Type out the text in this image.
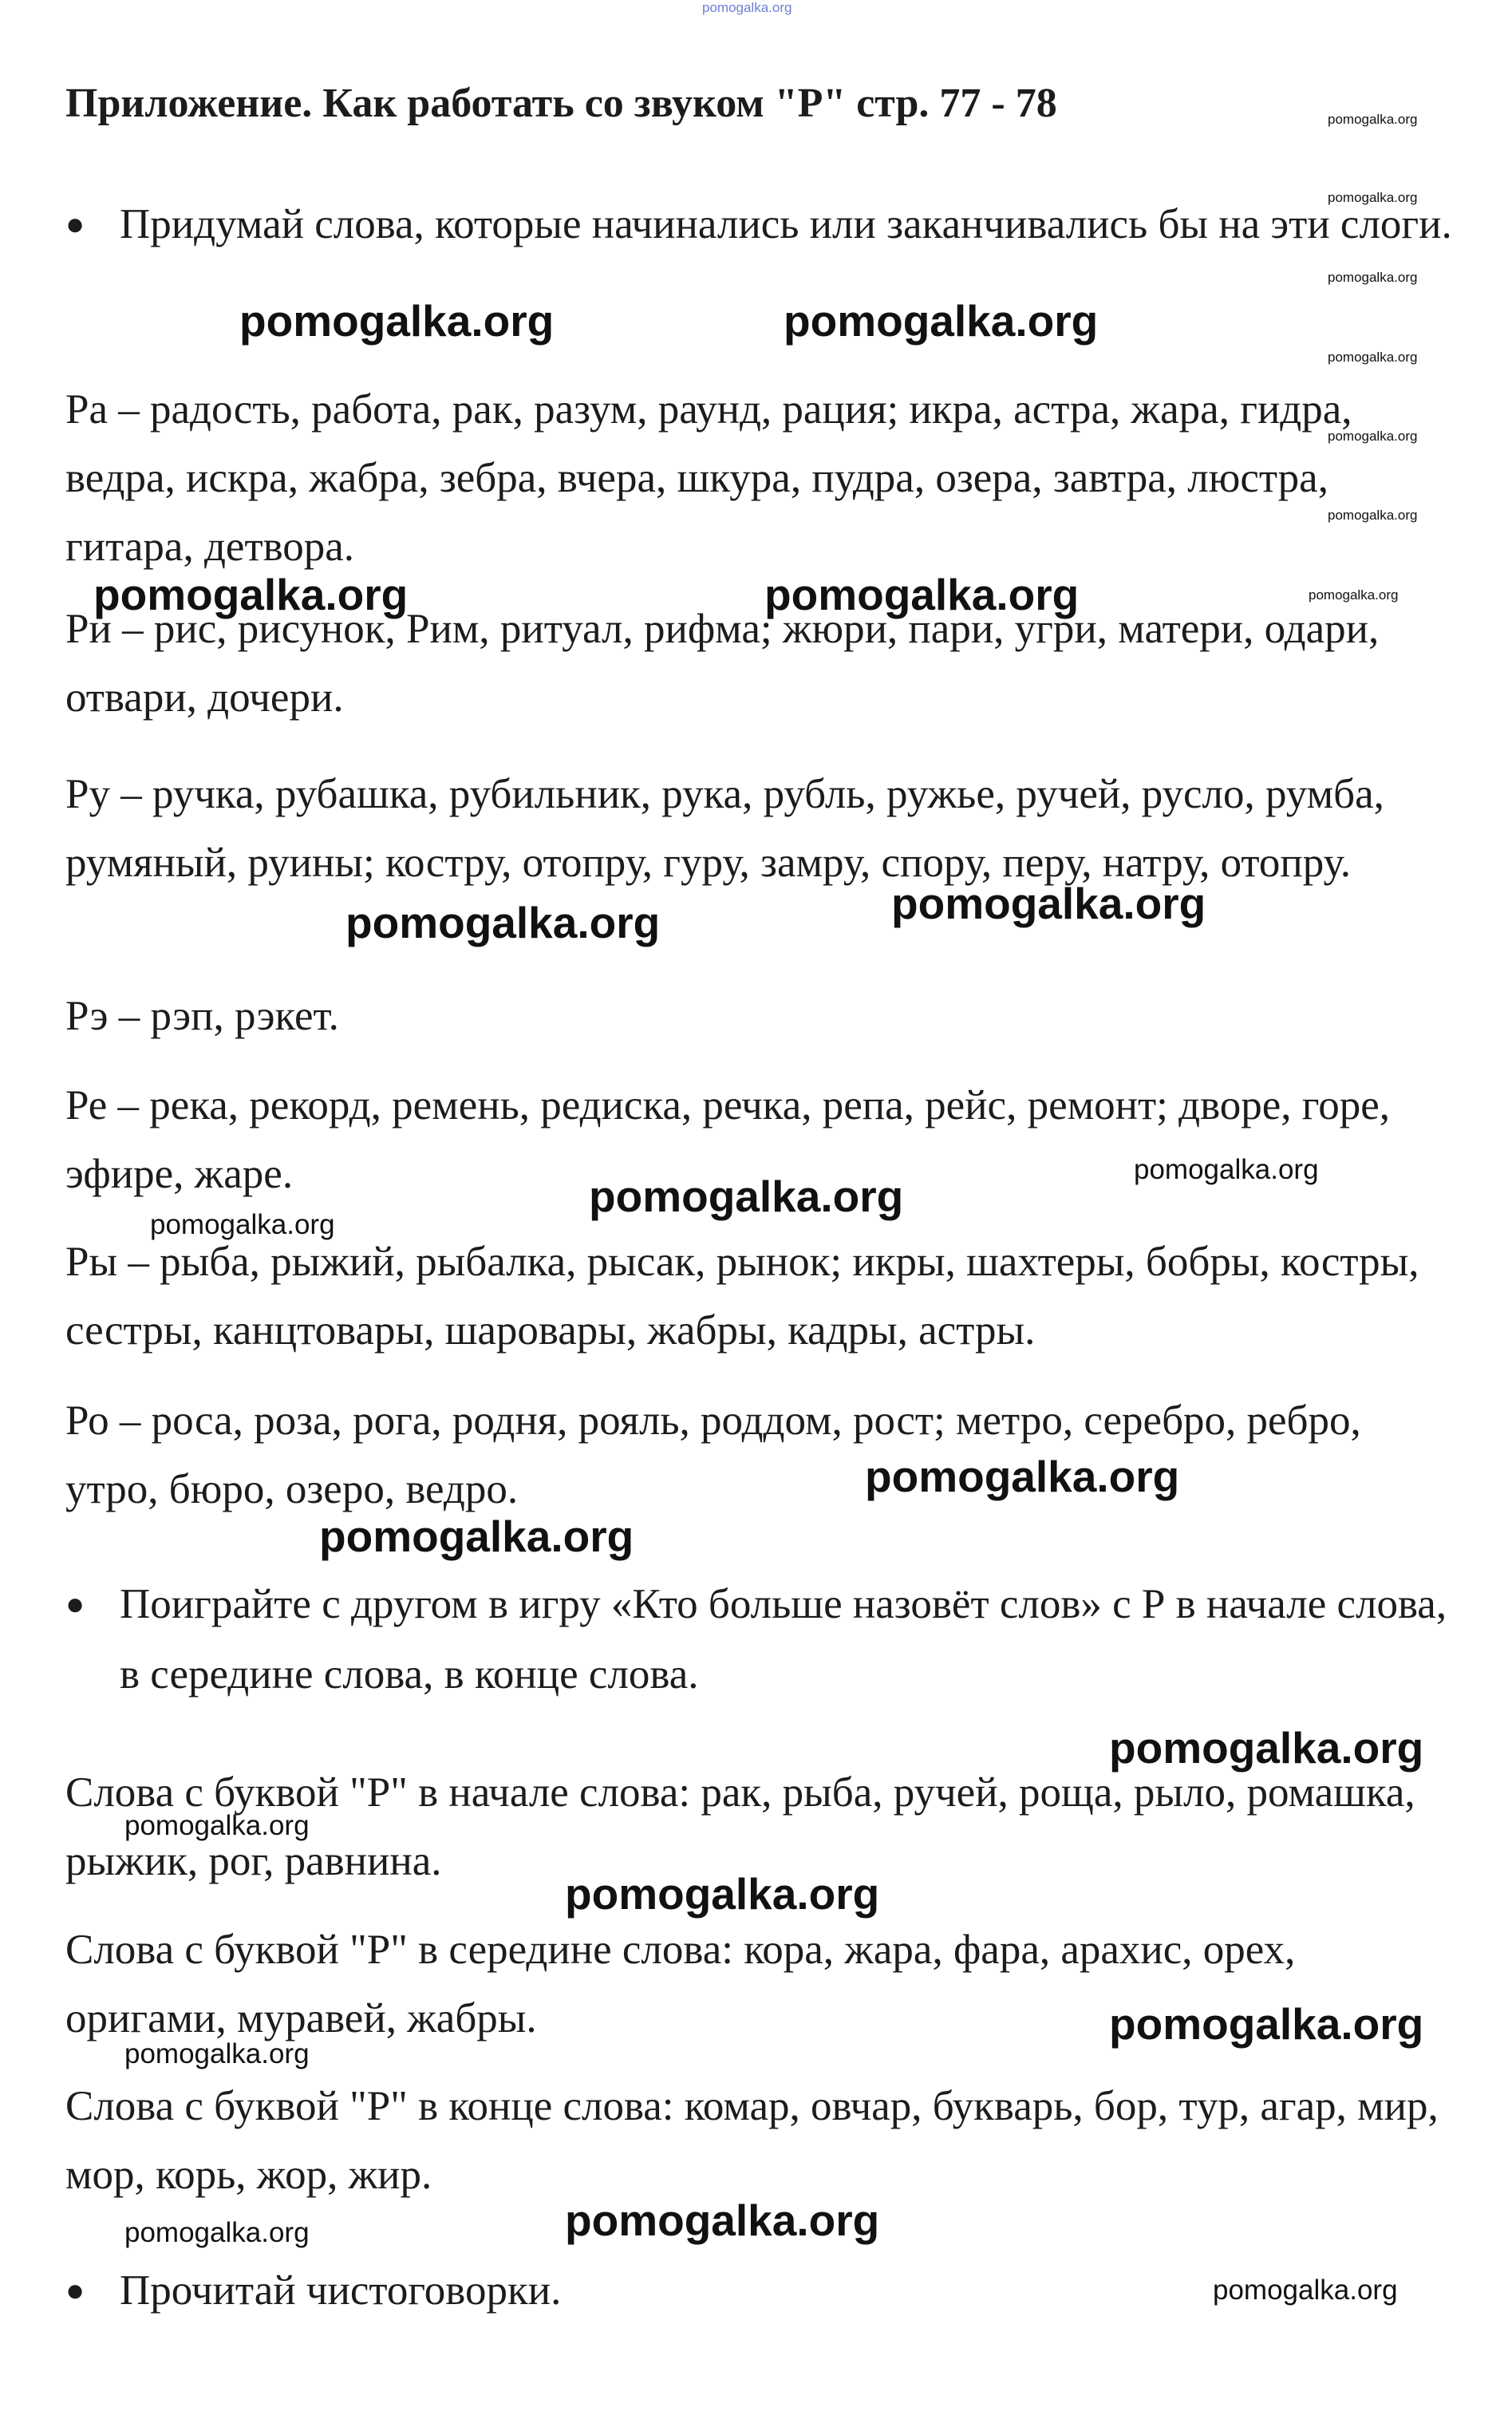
pomogalka.org
Приложение. Как работать со звуком "Р" стр. 77 - 78
● Придумай слова, которые начинались или заканчивались бы на эти слоги.
Ра – радость, работа, рак, разум, раунд, рация; икра, астра, жара, гидра, ведра, искра, жабра, зебра, вчера, шкура, пудра, озера, завтра, люстра, гитара, детвора.
Ри – рис, рисунок, Рим, ритуал, рифма; жюри, пари, угри, матери, одари, отвари, дочери.
Ру – ручка, рубашка, рубильник, рука, рубль, ружье, ручей, русло, румба, румяный, руины; костру, отопру, гуру, замру, спору, перу, натру, отопру.
Рэ – рэп, рэкет.
Ре – река, рекорд, ремень, редиска, речка, репа, рейс, ремонт; дворе, горе, эфире, жаре.
Ры – рыба, рыжий, рыбалка, рысак, рынок; икры, шахтеры, бобры, костры, сестры, канцтовары, шаровары, жабры, кадры, астры.
Ро – роса, роза, рога, родня, рояль, роддом, рост; метро, серебро, ребро, утро, бюро, озеро, ведро.
● Поиграйте с другом в игру «Кто больше назовёт слов» с Р в начале слова, в середине слова, в конце слова.
Слова с буквой "Р" в начале слова: рак, рыба, ручей, роща, рыло, ромашка, рыжик, рог, равнина.
Слова с буквой "Р" в середине слова: кора, жара, фара, арахис, орех, оригами, муравей, жабры.
Слова с буквой "Р" в конце слова: комар, овчар, букварь, бор, тур, агар, мир, мор, корь, жор, жир.
● Прочитай чистоговорки.
pomogalka.org
pomogalka.org
pomogalka.org
pomogalka.org
pomogalka.org
pomogalka.org
pomogalka.org
pomogalka.org	pomogalka.org
pomogalka.org	pomogalka.org
pomogalka.org	pomogalka.org
pomogalka.org
pomogalka.org
pomogalka.org
pomogalka.org
pomogalka.org
pomogalka.org
pomogalka.org
pomogalka.org
pomogalka.org
pomogalka.org
pomogalka.org
pomogalka.org
pomogalka.org
